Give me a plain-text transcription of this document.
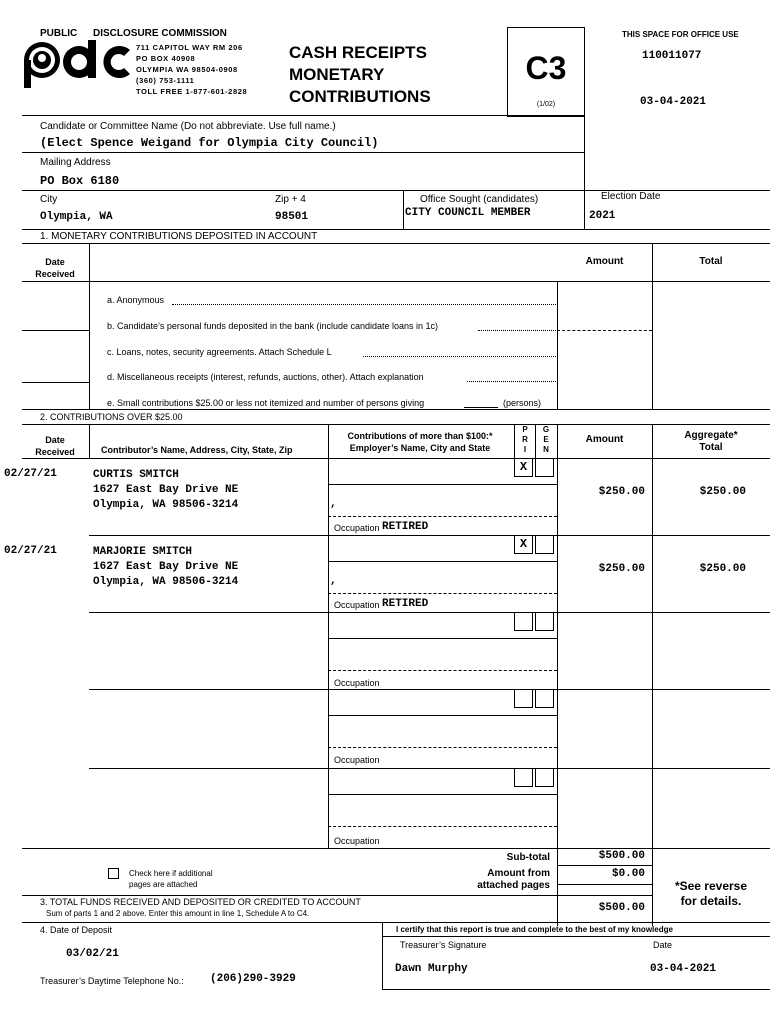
PUBLIC DISCLOSURE COMMISSION
711 CAPITOL WAY RM 206
PO BOX 40908
OLYMPIA WA 98504-0908
(360) 753-1111
TOLL FREE 1-877-601-2828
CASH RECEIPTS
MONETARY
CONTRIBUTIONS
C3
(1/02)
THIS SPACE FOR OFFICE USE
110011077
03-04-2021
Candidate or Committee Name (Do not abbreviate. Use full name.)
(Elect Spence Weigand for Olympia City Council)
Mailing Address
PO Box 6180
City
Olympia, WA
Zip + 4
98501
Office Sought (candidates)
CITY COUNCIL MEMBER
Election Date
2021
1. MONETARY CONTRIBUTIONS DEPOSITED IN ACCOUNT
Date
Received
Amount	Total
a. Anonymous
b. Candidate’s personal funds deposited in the bank (include candidate loans in 1c)
c. Loans, notes, security agreements. Attach Schedule L
d. Miscellaneous receipts (interest, refunds, auctions, other). Attach explanation
e. Small contributions $25.00 or less not itemized and number of persons giving	(persons)
2. CONTRIBUTIONS OVER $25.00
Date
Received	Contributor’s Name, Address, City, State, Zip
Contributions of more than $100:*
Employer’s Name, City and State
P
R
I
G
E
N
Amount	Aggregate*
Total
02/27/21	CURTIS SMITCH
1627 East Bay Drive NE
Olympia, WA 98506-3214
X
,
Occupation RETIRED
$250.00	$250.00
02/27/21	MARJORIE SMITCH
1627 East Bay Drive NE
Olympia, WA 98506-3214
X
,
Occupation RETIRED
$250.00	$250.00
Occupation
Occupation
Occupation
Sub-total	$500.00
Amount from
attached pages
$0.00
Check here if additional
pages are attached
3. TOTAL FUNDS RECEIVED AND DEPOSITED OR CREDITED TO ACCOUNT
Sum of parts 1 and 2 above. Enter this amount in line 1, Schedule A to C4.	$500.00
*See reverse
for details.
4. Date of Deposit
03/02/21
Treasurer’s Daytime Telephone No.: (206)290-3929
I certify that this report is true and complete to the best of my knowledge
Treasurer’s Signature
Dawn Murphy
Date
03-04-2021
